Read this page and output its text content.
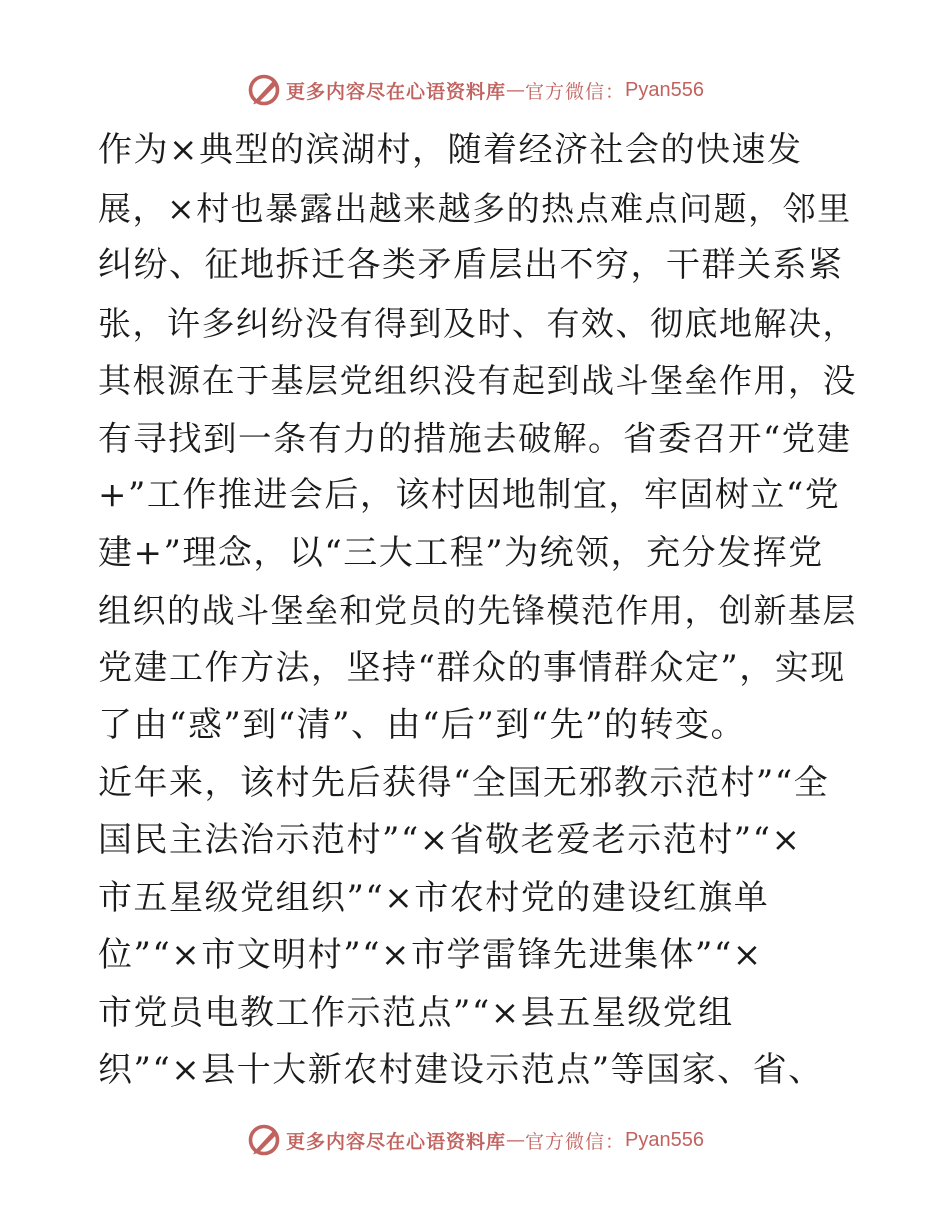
更多内容尽在心语资料库 — 官方微信： Pyan556
作为×典型的滨湖村，随着经济社会的快速发
展，×村也暴露出越来越多的热点难点问题，邻里
纠纷、征地拆迁各类矛盾层出不穷，干群关系紧
张，许多纠纷没有得到及时、有效、彻底地解决，
其根源在于基层党组织没有起到战斗堡垒作用，没
有寻找到一条有力的措施去破解。省委召开“党建
+”工作推进会后，该村因地制宜，牢固树立“党
建+”理念，以“三大工程”为统领，充分发挥党
组织的战斗堡垒和党员的先锋模范作用，创新基层
党建工作方法，坚持“群众的事情群众定”，实现
了由“惑”到“清”、由“后”到“先”的转变。
近年来，该村先后获得“全国无邪教示范村”“全
国民主法治示范村”“×省敬老爱老示范村”“×
市五星级党组织”“×市农村党的建设红旗单
位”“×市文明村”“×市学雷锋先进集体”“×
市党员电教工作示范点”“×县五星级党组
织”“×县十大新农村建设示范点”等国家、省、
更多内容尽在心语资料库 — 官方微信： Pyan556
